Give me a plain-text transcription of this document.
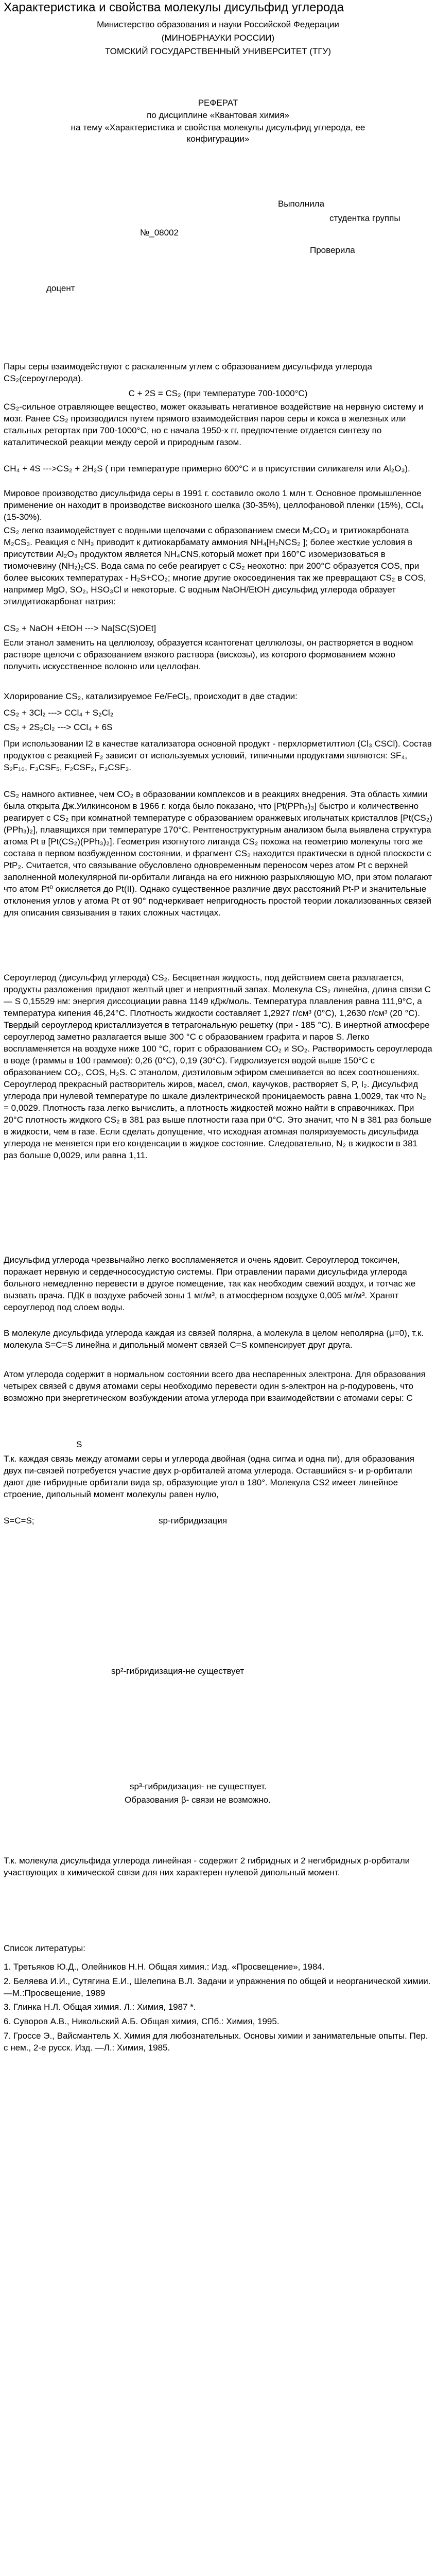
Характеристика и свойства молекулы дисульфид углерода
Министерство образования и науки Российской Федерации
(МИНОБРНАУКИ РОССИИ)
ТОМСКИЙ ГОСУДАРСТВЕННЫЙ УНИВЕРСИТЕТ (ТГУ)
РЕФЕРАТ
по дисциплине «Квантовая химия»
на тему «Характеристика и свойства молекулы дисульфид углерода, ее
конфигурации»
Выполнила
студентка группы
№_08002
Проверила
доцент

Пары серы взаимодействуют с раскаленным углем с образованием дисульфида углерода CS₂(сероуглерода).

C + 2S = CS₂ (при температуре 700-1000°C)

CS₂-сильное отравляющее вещество, может оказывать негативное воздействие на нервную систему и мозг. Ранее CS₂ производился путем прямого взаимодействия паров серы и кокса в железных или стальных ретортах при 700-1000°C, но с начала 1950-х гг. предпочтение отдается синтезу по каталитической реакции между серой и природным газом.

CH₄ + 4S --->CS₂ + 2H₂S ( при температуре примерно 600°C и в присутствии силикагеля или Al₂O₃).

Мировое производство дисульфида серы в 1991 г. составило около 1 млн т. Основное промышленное применение он находит в производстве вискозного шелка (30-35%), целлофановой пленки (15%), CCl₄ (15-30%).

CS₂ легко взаимодействует с водными щелочами с образованием смеси M₂CO₃ и тритиокарбоната M₂CS₃. Реакция с NH₃ приводит к дитиокарбамату аммония NH₄[H₂NCS₂ ]; более жесткие условия в присутствии Al₂O₃ продуктом является NH₄CNS,который может при 160°C изомеризоваться в тиомочевину (NH₂)₂CS. Вода сама по себе реагирует с CS₂ неохотно: при 200°C образуется COS, при более высоких температурах - H₂S+CO₂; многие другие окосоединения так же превращают CS₂ в COS, например MgO, SO₂, HSO₃Cl и некоторые. C водным NaOH/EtOH дисульфид углерода образует этилдитиокарбонат натрия:

CS₂ + NaOH +EtOH ---> Na[SC(S)OEt]

Если этанол заменить на целлюлозу, образуется ксантогенат целлюлозы, он растворяется в водном растворе щелочи с образованием вязкого раствора (вискозы), из которого формованием можно получить искусственное волокно или целлофан.

Хлорирование CS₂, катализируемое Fe/FeCl₃, происходит в две стадии:

CS₂ + 3Cl₂ ---> CCl₄ + S₂Cl₂

CS₂ + 2S₂Cl₂ ---> CCl₄ + 6S

При использовании I2 в качестве катализатора основной продукт - перхлорметилтиол (Cl₃ CSCl). Состав продуктов с реакцией F₂ зависит от используемых условий, типичными продуктами являются: SF₄, S₂F₁₀, F₃CSF₅, F₂CSF₂, F₃CSF₃.

CS₂ намного активнее, чем CO₂ в образовании комплексов и в реакциях внедрения. Эта область химии была открыта Дж.Уилкинсоном в 1966 г. когда было показано, что [Pt(PPh₃)₃] быстро и количественно реагирует с CS₂ при комнатной температуре с образованием оранжевых игольчатых кристаллов [Pt(CS₂)(PPh₃)₂], плавящихся при температуре 170°C. Рентгеноструктурным анализом была выявлена структура атома Pt в [Pt(CS₂)(PPh₃)₂]. Геометрия изогнутого лиганда CS₂ похожа на геометрию молекулы того же состава в первом возбужденном состоянии, и фрагмент CS₂ находится практически в одной плоскости с PtP₂. Считается, что связывание обусловлено одновременным переносом через атом Pt с верхней заполненной молекулярной пи-орбитали лиганда на его нижнюю разрыхляющую МО, при этом полагают что атом Pt⁰ окисляется до Pt(II). Однако существенное различие двух расстояний Pt-P и значительные отклонения углов у атома Pt от 90° подчеркивает непригодность простой теории локализованных связей для описания связывания в таких сложных частицах.

Сероуглерод (дисульфид углерода) CS₂. Бесцветная жидкость, под действием света разлагается, продукты разложения придают желтый цвет и неприятный запах. Молекула CS₂ линейна, длина связи C — S 0,15529 нм: энергия диссоциации равна 1149 кДж/моль. Температура плавления равна 111,9°C, а температура кипения 46,24°С. Плотность жидкости составляет 1,2927 г/см³ (0°С), 1,2630 г/см³ (20 °С). Твердый сероуглерод кристаллизуется в тетрагональную решетку (при - 185 °С). В инертной атмосфере сероуглерод заметно разлагается выше 300 °С с образованием графита и паров S. Легко воспламеняется на воздухе ниже 100 °С, горит с образованием CO₂ и SO₂. Растворимость сероуглерода в воде (граммы в 100 граммов): 0,26 (0°С), 0,19 (30°С). Гидролизуется водой выше 150°С с образованием CO₂, COS, H₂S. С этанолом, диэтиловым эфиром смешивается во всех соотношениях. Сероуглерод прекрасный растворитель жиров, масел, смол, каучуков, растворяет S, P, I₂. Дисульфид углерода при нулевой температуре по шкале диэлектрической проницаемость равна 1,0029, так что N₂ = 0,0029. Плотность газа легко вычислить, а плотность жидкостей можно найти в справочниках. При 20°С плотность жидкого CS₂ в 381 раз выше плотности газа при 0°С. Это значит, что N в 381 раз больше в жидкости, чем в газе. Если сделать допущение, что исходная атомная поляризуемость дисульфида углерода не меняется при его конденсации в жидкое состояние. Следовательно, N₂ в жидкости в 381 раз больше 0,0029, или равна 1,11.

Дисульфид углерода чрезвычайно легко воспламеняется и очень ядовит. Сероуглерод токсичен, поражает нервную и сердечнососудистую системы. При отравлении парами дисульфида углерода больного немедленно перевести в другое помещение, так как необходим свежий воздух, и тотчас же вызвать врача. ПДК в воздухе рабочей зоны 1 мг/м³, в атмосферном воздухе 0,005 мг/м³. Хранят сероуглерод под слоем воды.

В молекуле дисульфида углерода каждая из связей полярна, а молекула в целом неполярна (μ=0), т.к. молекула S=C=S линейна и дипольный момент связей C=S компенсирует друг друга.

Атом углерода содержит в нормальном состоянии всего два неспаренных электрона. Для образования четырех связей с двумя атомами серы необходимо перевести один s-электрон на p-подуровень, что возможно при энергетическом возбуждении атома углерода при взаимодействии с атомами серы: C

S

Т.к. каждая связь между атомами серы и углерода двойная (одна сигма и одна пи), для образования двух пи-связей потребуется участие двух p-орбиталей атома углерода. Оставшийся s- и p-орбитали дают две гибридные орбитали вида sp, образующие угол в 180°. Молекула CS2 имеет линейное строение, дипольный момент молекулы равен нулю,

S=C=S;	sp-гибридизация
sp²-гибридизация-не существует
sp³-гибридизация- не существует.
Образования β- связи не возможно.

Т.к. молекула дисульфида углерода линейная - содержит 2 гибридных и 2 негибридных р-орбитали участвующих в химической связи для них характерен нулевой дипольный момент.

Список литературы:

1. Третьяков Ю.Д., Олейников Н.Н. Общая химия.: Изд. «Просвещение», 1984.

2. Беляева И.И., Сутягина Е.И., Шелепина В.Л. Задачи и упражнения по общей и неорганической химии.—М.:Просвещение, 1989

3. Глинка Н.Л. Общая химия. Л.: Химия, 1987 *.

6. Суворов А.В., Никольский А.Б. Общая химия, СПб.: Химия, 1995.

7. Гроссе Э., Вайсмантель Х. Химия для любознательных. Основы химии и занимательные опыты. Пер. с нем., 2-е русск. Изд. —Л.: Химия, 1985.
